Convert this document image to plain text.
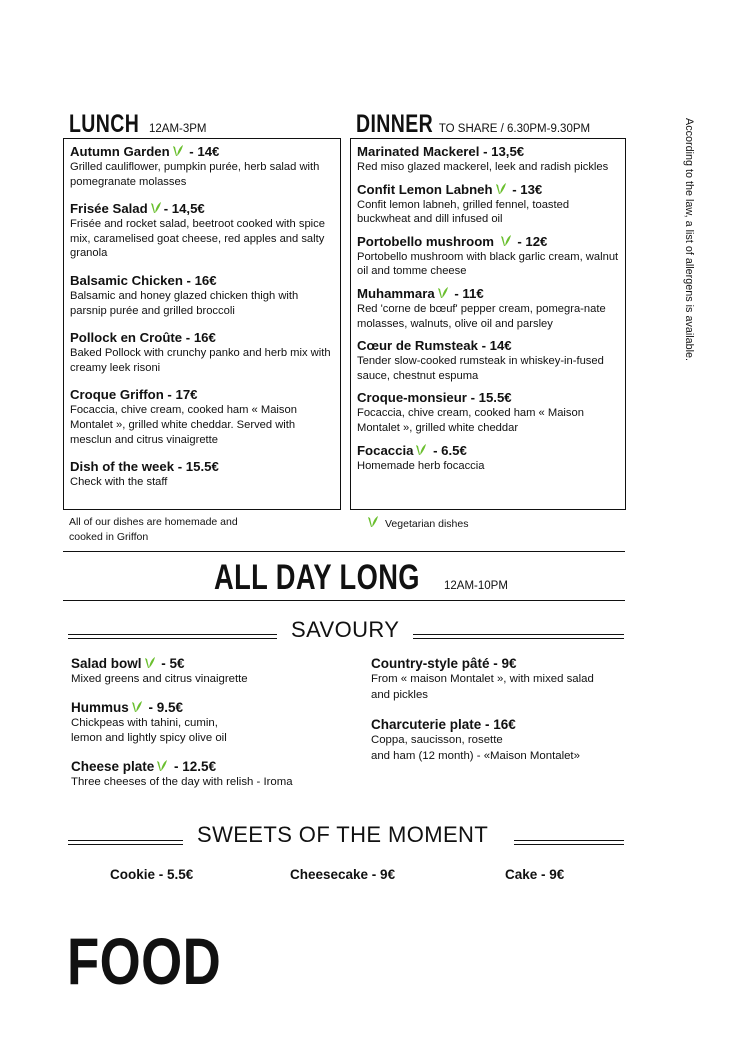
LUNCH 12AM-3PM	DINNER TO SHARE / 6.30PM-9.30PM

Autumn Garden - 14€

Grilled cauliflower, pumpkin purée, herb salad with pomegranate molasses

Frisée Salad - 14,5€

Frisée and rocket salad, beetroot cooked with spice mix, caramelised goat cheese, red apples and salty granola

Balsamic Chicken - 16€

Balsamic and honey glazed chicken thigh with parsnip purée and grilled broccoli

Pollock en Croûte - 16€

Baked Pollock with crunchy panko and herb mix with creamy leek risoni

Croque Griffon - 17€

Focaccia, chive cream, cooked ham « Maison Montalet », grilled white cheddar. Served with mesclun and citrus vinaigrette

Dish of the week - 15.5€

Check with the staff

Marinated Mackerel - 13,5€

Red miso glazed mackerel, leek and radish pickles

Confit Lemon Labneh - 13€

Confit lemon labneh, grilled fennel, toasted buckwheat and dill infused oil

Portobello mushroom  - 12€

Portobello mushroom with black garlic cream, walnut oil and tomme cheese

Muhammara - 11€

Red 'corne de bœuf' pepper cream, pomegra-nate molasses, walnuts, olive oil and parsley

Cœur de Rumsteak - 14€

Tender slow-cooked rumsteak in whiskey-in-fused sauce, chestnut espuma

Croque-monsieur - 15.5€

Focaccia, chive cream, cooked ham « Maison Montalet », grilled white cheddar

Focaccia - 6.5€

Homemade herb focaccia

All of our dishes are homemade and cooked in Griffon
Vegetarian dishes
According to the law, a list of allergens is available.
ALL DAY LONG 12AM-10PM
SAVOURY

Salad bowl - 5€

Mixed greens and citrus vinaigrette

Hummus - 9.5€

Chickpeas with tahini, cumin,

lemon and lightly spicy olive oil

Cheese plate - 12.5€

Three cheeses of the day with relish - Iroma

Country-style pâté - 9€

From « maison Montalet », with mixed salad

and pickles

Charcuterie plate - 16€

Coppa, saucisson, rosette

and ham (12 month) - «Maison Montalet»

SWEETS OF THE MOMENT
Cookie - 5.5€	Cheesecake - 9€	Cake - 9€
FOOD
